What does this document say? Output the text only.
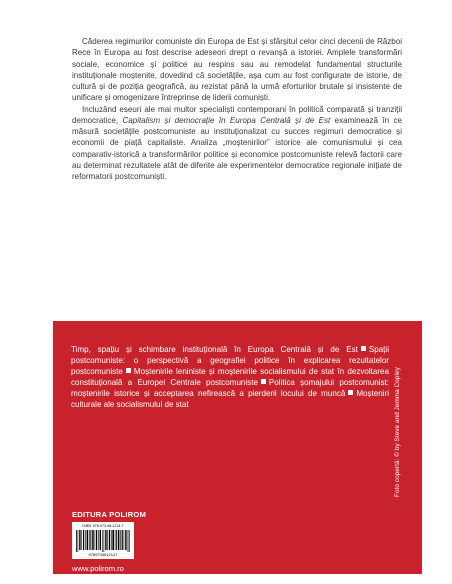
Căderea regimurilor comuniste din Europa de Est și sfârșitul celor cinci decenii de Război Rece în Europa au fost descrise adeseori drept o revanșă a istoriei. Amplele transformări sociale, economice și politice au respins sau au remodelat fundamental structurile instituționale moștenite, dovedind că societățile, așa cum au fost configurate de istorie, de cultură și de poziția geografică, au rezistat până la urmă eforturilor brutale și insistente de unificare și omogenizare întreprinse de liderii comuniști.

Incluzând eseuri ale mai multor specialiști contemporani în politică comparată și tranziții democratice, Capitalism și democrație în Europa Centrală și de Est examinează în ce măsură societățile postcomuniste au instituționalizat cu succes regimuri democratice și economii de piață capitaliste. Analiza „moștenirilor” istorice ale comunismului și cea comparativ-istorică a transformărilor politice și economice postcomuniste relevă factorii care au determinat rezultatele atât de diferite ale experimentelor democratice regionale inițiate de reformatorii postcomuniști.

Timp, spațiu și schimbare instituțională în Europa Centrală și de Est Spații postcomuniste: o perspectivă a geografiei politice în explicarea rezultatelor postcomuniste Moștenirile leniniste și moștenirile socialismului de stat în dezvoltarea constituțională a Europei Centrale postcomuniste Politica șomajului postcomunist: moștenirile istorice și acceptarea nefirească a pierderii locului de muncă Moșteniri culturale ale socialismului de stat	Foto copertă: © by Steve and Jemma Copley
EDITURA POLIROM
ISBN: 978-973-46-1214-7
9789734612147
www.polirom.ro
